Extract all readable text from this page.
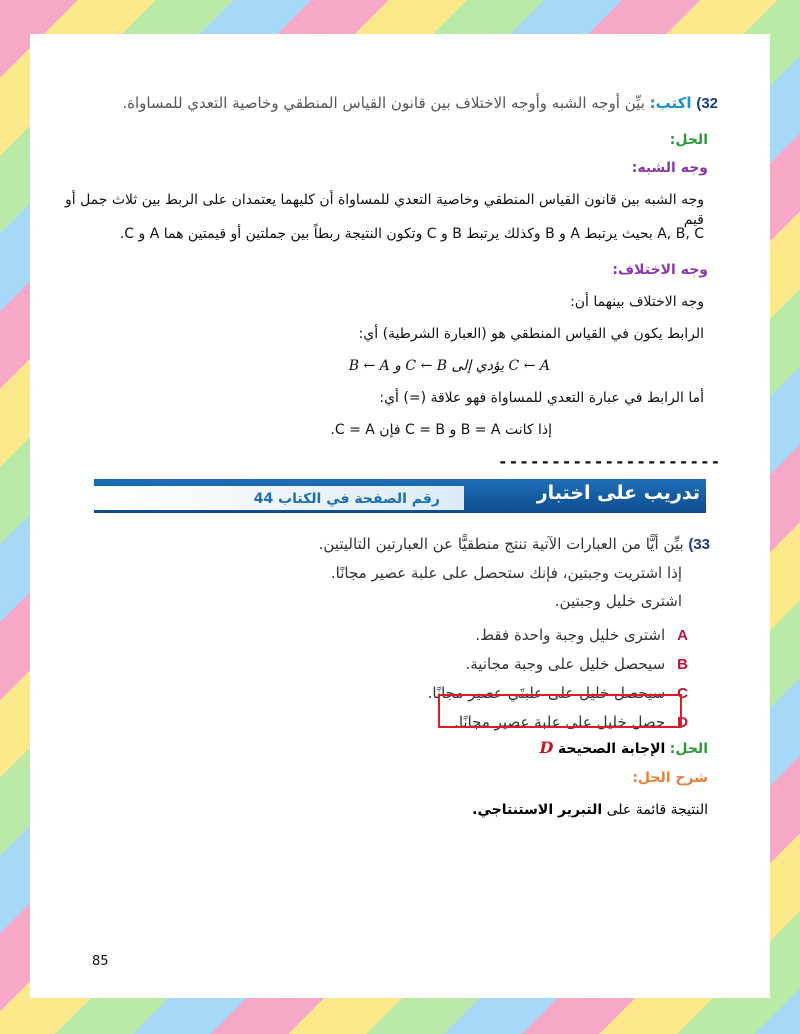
32) اكتب: بيِّن أوجه الشبه وأوجه الاختلاف بين قانون القياس المنطقي وخاصية التعدي للمساواة.
الحل:
وجه الشبه:
وجه الشبه بين قانون القياس المنطقي وخاصية التعدي للمساواة أن كليهما يعتمدان على الربط بين ثلاث جمل أو قيم
A, B, C بحيث يرتبط A و B وكذلك يرتبط B و C وتكون النتيجة ربطاً بين جملتين أو قيمتين هما A و C.
وجه الاختلاف:
وجه الاختلاف بينهما أن:
الرابط يكون في القياس المنطقي هو (العبارة الشرطية) أي:
C ← A يؤدي إلى C ← B و B ← A
أما الرابط في عبارة التعدي للمساواة فهو علاقة (=) أي:
إذا كانت B = A و C = B فإن C = A.
---------------------
تدريب على اختبار
رقم الصفحة في الكتاب 44
33) بيِّن أيًّا من العبارات الآتية تنتج منطقيًّا عن العبارتين التاليتين.
إذا اشتريت وجبتين، فإنك ستحصل على علبة عصير مجانًا.
اشترى خليل وجبتين.
Aاشترى خليل وجبة واحدة فقط.
Bسيحصل خليل على وجبة مجانية.
Cسيحصل خليل على علبتَي عصير مجانًا.
Dحصل خليل على علبة عصير مجانًا.
الحل: الإجابة الصحيحة D
شرح الحل:
النتيجة قائمة على التبرير الاستنتاجي.
85
